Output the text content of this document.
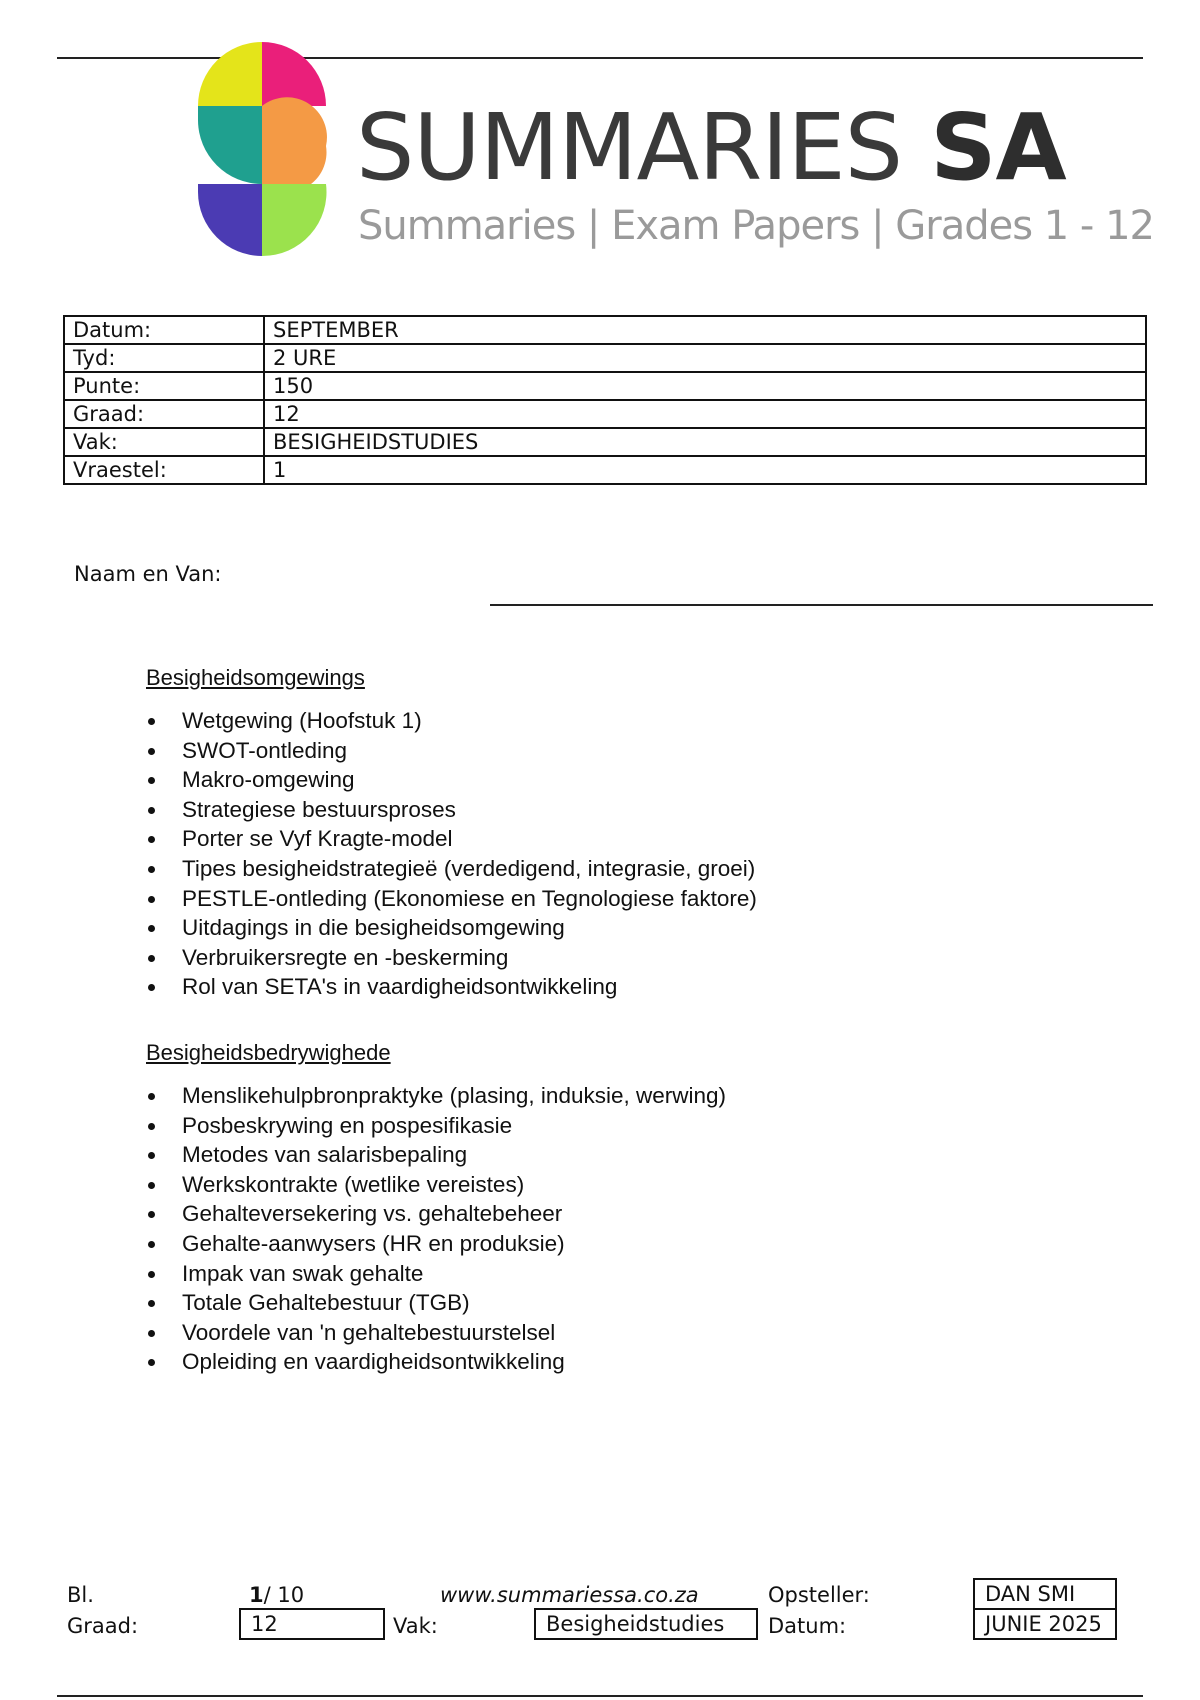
SUMMARIES SA
Summaries | Exam Papers | Grades 1 - 12
Datum:	SEPTEMBER
Tyd:	2 URE
Punte:	150
Graad:	12
Vak:	BESIGHEIDSTUDIES
Vraestel:	1
Naam en Van:
Besigheidsomgewings
Wetgewing (Hoofstuk 1)
SWOT-ontleding
Makro-omgewing
Strategiese bestuursproses
Porter se Vyf Kragte-model
Tipes besigheidstrategieë (verdedigend, integrasie, groei)
PESTLE-ontleding (Ekonomiese en Tegnologiese faktore)
Uitdagings in die besigheidsomgewing
Verbruikersregte en -beskerming
Rol van SETA's in vaardigheidsontwikkeling
Besigheidsbedrywighede
Menslikehulpbronpraktyke (plasing, induksie, werwing)
Posbeskrywing en pospesifikasie
Metodes van salarisbepaling
Werkskontrakte (wetlike vereistes)
Gehalteversekering vs. gehaltebeheer
Gehalte-aanwysers (HR en produksie)
Impak van swak gehalte
Totale Gehaltebestuur (TGB)
Voordele van 'n gehaltebestuurstelsel
Opleiding en vaardigheidsontwikkeling
Bl.	1/ 10	www.summariessa.co.za	Opsteller:	DAN SMI
Graad:	12	Vak:	Besigheidstudies	Datum:	JUNIE 2025
